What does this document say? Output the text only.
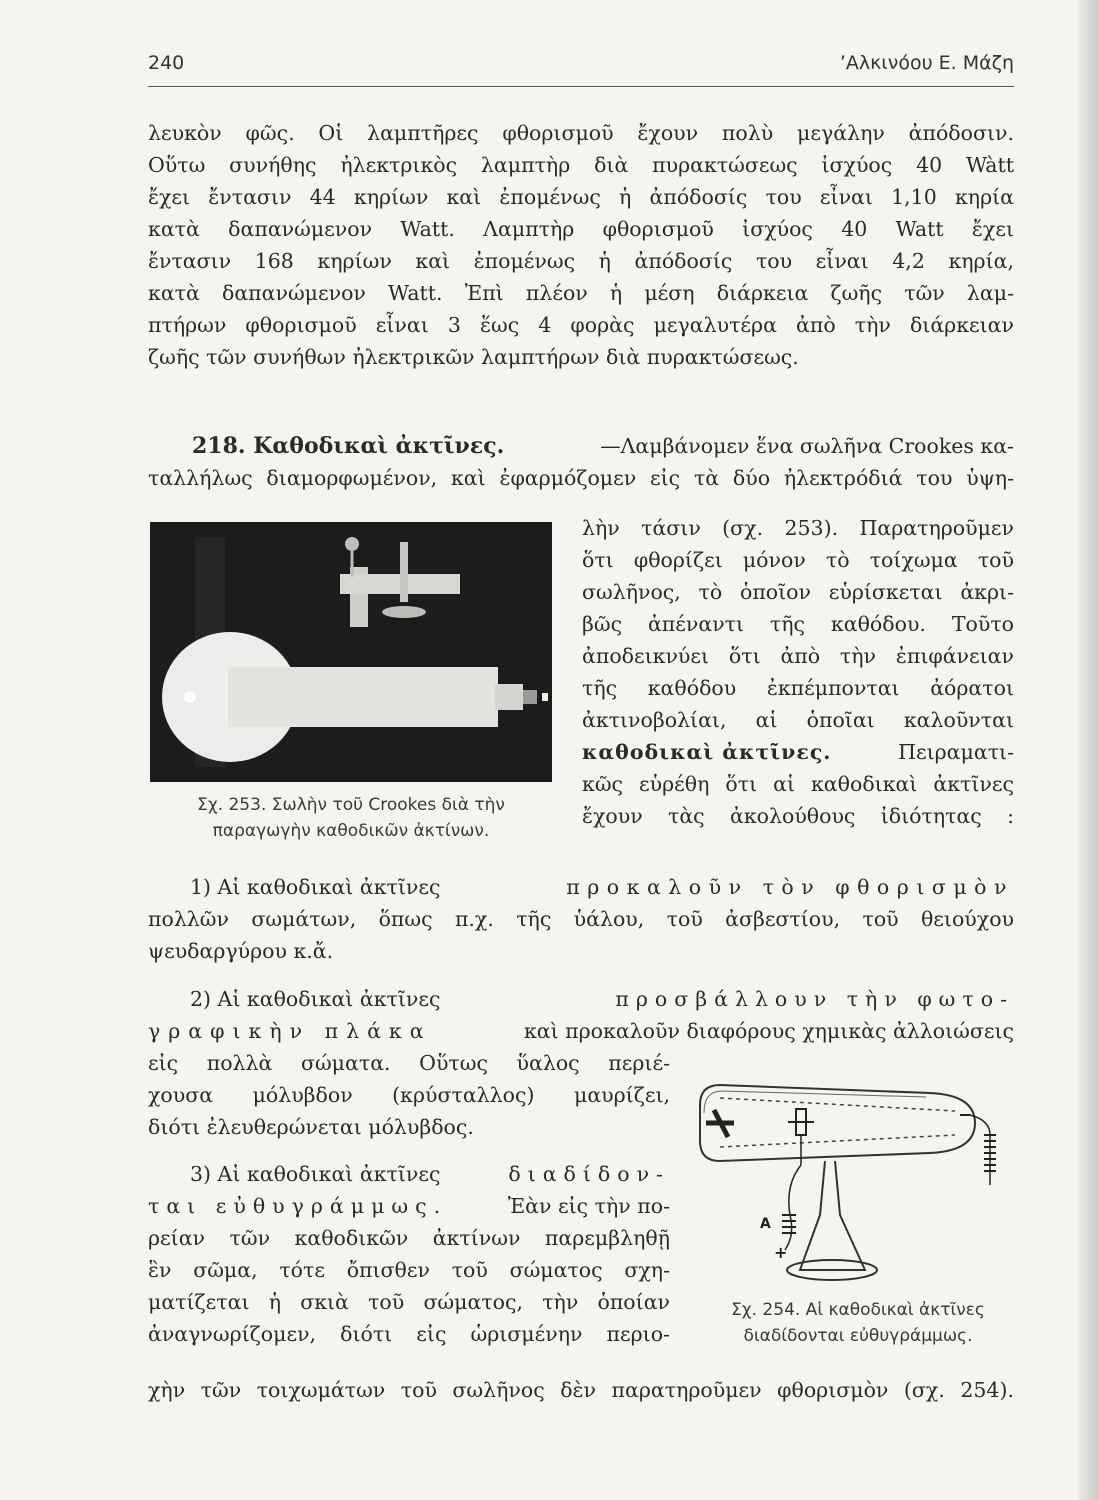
240	’Αλκινόου Ε. Μάζη
λευκὸν φῶς. Οἱ λαμπτῆρες φθορισμοῦ ἔχουν πολὺ μεγάλην ἀπόδοσιν.
Οὕτω συνήθης ἠλεκτρικὸς λαμπτὴρ διὰ πυρακτώσεως ἰσχύος 40 Wàtt
ἔχει ἔντασιν 44 κηρίων καὶ ἐπομένως ἡ ἀπόδοσίς του εἶναι 1,10 κηρία
κατὰ δαπανώμενον Watt. Λαμπτὴρ φθορισμοῦ ἰσχύος 40 Watt ἔχει
ἔντασιν 168 κηρίων καὶ ἐπομένως ἡ ἀπόδοσίς του εἶναι 4,2 κηρία,
κατὰ δαπανώμενον Watt. Ἐπὶ πλέον ἡ μέση διάρκεια ζωῆς τῶν λαμ-
πτήρων φθορισμοῦ εἶναι 3 ἕως 4 φορὰς μεγαλυτέρα ἀπὸ τὴν διάρκειαν
ζωῆς τῶν συνήθων ἠλεκτρικῶν λαμπτήρων διὰ πυρακτώσεως.
218. Καθοδικαὶ ἀκτῖνες.	—Λαμβάνομεν ἕνα σωλῆνα Crookes κα-
ταλλήλως διαμορφωμένον, καὶ ἐφαρμόζομεν εἰς τὰ δύο ἠλεκτρόδιά του ὑψη-
λὴν τάσιν (σχ. 253). Παρατηροῦμεν
ὅτι φθορίζει μόνον τὸ τοίχωμα τοῦ
σωλῆνος, τὸ ὁποῖον εὑρίσκεται ἀκρι-
βῶς ἀπέναντι τῆς καθόδου. Τοῦτο
ἀποδεικνύει ὅτι ἀπὸ τὴν ἐπιφάνειαν
τῆς καθόδου ἐκπέμπονται ἀόρατοι
ἀκτινοβολίαι, αἱ ὁποῖαι καλοῦνται
καθοδικαὶ ἀκτῖνες.	Πειραματι-
κῶς εὑρέθη ὅτι αἱ καθοδικαὶ ἀκτῖνες
ἔχουν τὰς ἀκολούθους ἰδιότητας :
Σχ. 253. Σωλὴν τοῦ Crookes διὰ τὴν
παραγωγὴν καθοδικῶν ἀκτίνων.
1) Αἱ καθοδικαὶ ἀκτῖνες	προκαλοῦν τὸν φθορισμὸν
πολλῶν σωμάτων, ὅπως π.χ. τῆς ὑάλου, τοῦ ἀσβεστίου, τοῦ θειούχου
ψευδαργύρου κ.ἄ.
2) Αἱ καθοδικαὶ ἀκτῖνες	προσβάλλουν τὴν φωτο-
γραφικὴν πλάκα	καὶ προκαλοῦν διαφόρους χημικὰς ἀλλοιώσεις
εἰς πολλὰ σώματα. Οὕτως ὕαλος περιέ-
χουσα μόλυβδον (κρύσταλλος) μαυρίζει,
διότι ἐλευθερώνεται μόλυβδος.
3) Αἱ καθοδικαὶ ἀκτῖνες	διαδίδον-
ται εὐθυγράμμως.	Ἐὰν εἰς τὴν πο-
ρείαν τῶν καθοδικῶν ἀκτίνων παρεμβληθῇ
ἓν σῶμα, τότε ὄπισθεν τοῦ σώματος σχη-
ματίζεται ἡ σκιὰ τοῦ σώματος, τὴν ὁποίαν
ἀναγνωρίζομεν, διότι εἰς ὡρισμένην περιο-
χὴν τῶν τοιχωμάτων τοῦ σωλῆνος δὲν παρατηροῦμεν φθορισμὸν (σχ. 254).
A
+
Σχ. 254. Αἱ καθοδικαὶ ἀκτῖνες
διαδίδονται εὐθυγράμμως.
